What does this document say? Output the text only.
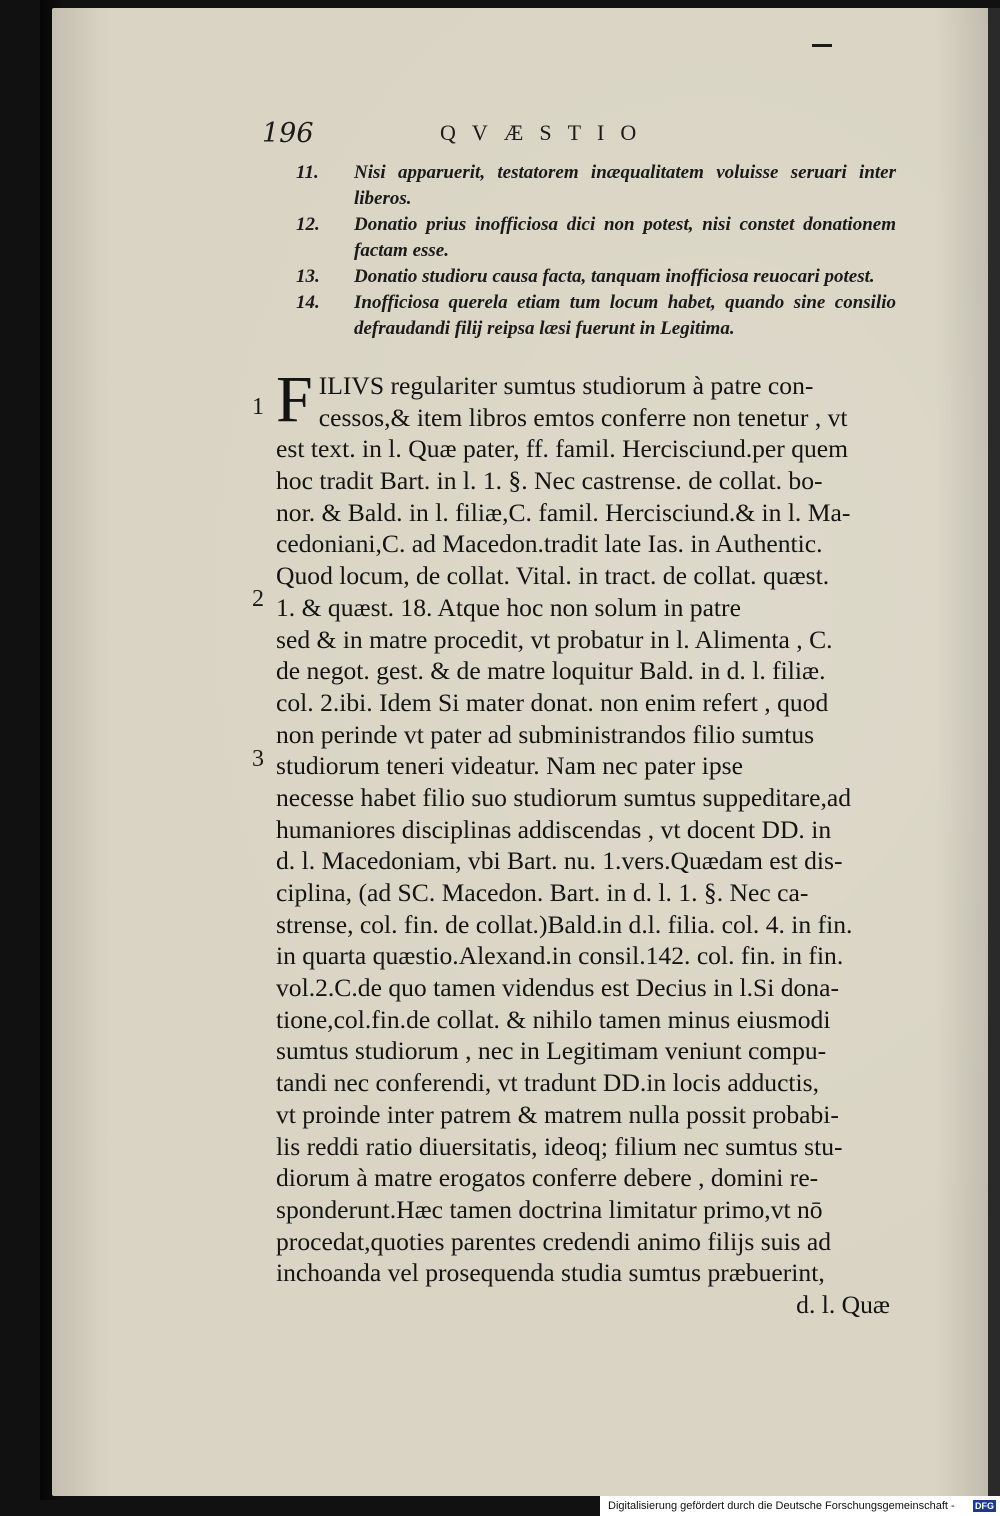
196	QVÆSTIO
11.	Nisi apparuerit, testatorem inæqualitatem voluisse seruari inter liberos.
12.	Donatio prius inofficiosa dici non potest, nisi constet donationem factam esse.
13.	Donatio studioru causa facta, tanquam inofficiosa reuocari potest.
14.	Inofficiosa querela etiam tum locum habet, quando sine consilio defraudandi filij reipsa læsi fuerunt in Legitima.
1
2
3
F ILIVS regulariter sumtus studiorum à patre con-
cessos,& item libros emtos conferre non tenetur , vt
est text. in l. Quæ pater, ff. famil. Hercisciund.per quem
hoc tradit Bart. in l. 1. §. Nec castrense. de collat. bo-
nor. & Bald. in l. filiæ,C. famil. Hercisciund.& in l. Ma-
cedoniani,C. ad Macedon.tradit late Ias. in Authentic.
Quod locum, de collat. Vital. in tract. de collat. quæst.
1. & quæst. 18. Atque hoc non solum in patre
sed & in matre procedit, vt probatur in l. Alimenta , C.
de negot. gest. & de matre loquitur Bald. in d. l. filiæ.
col. 2.ibi. Idem Si mater donat. non enim refert , quod
non perinde vt pater ad subministrandos filio sumtus
studiorum teneri videatur. Nam nec pater ipse
necesse habet filio suo studiorum sumtus suppeditare,ad
humaniores disciplinas addiscendas , vt docent DD. in
d. l. Macedoniam, vbi Bart. nu. 1.vers.Quædam est dis-
ciplina, (ad SC. Macedon. Bart. in d. l. 1. §. Nec ca-
strense, col. fin. de collat.)Bald.in d.l. filia. col. 4. in fin.
in quarta quæstio.Alexand.in consil.142. col. fin. in fin.
vol.2.C.de quo tamen videndus est Decius in l.Si dona-
tione,col.fin.de collat. & nihilo tamen minus eiusmodi
sumtus studiorum , nec in Legitimam veniunt compu-
tandi nec conferendi, vt tradunt DD.in locis adductis,
vt proinde inter patrem & matrem nulla possit probabi-
lis reddi ratio diuersitatis, ideoq; filium nec sumtus stu-
diorum à matre erogatos conferre debere , domini re-
sponderunt.Hæc tamen doctrina limitatur primo,vt nō
procedat,quoties parentes credendi animo filijs suis ad
inchoanda vel prosequenda studia sumtus præbuerint,
d. l. Quæ
Digitalisierung gefördert durch die Deutsche Forschungsgemeinschaft - DFG
